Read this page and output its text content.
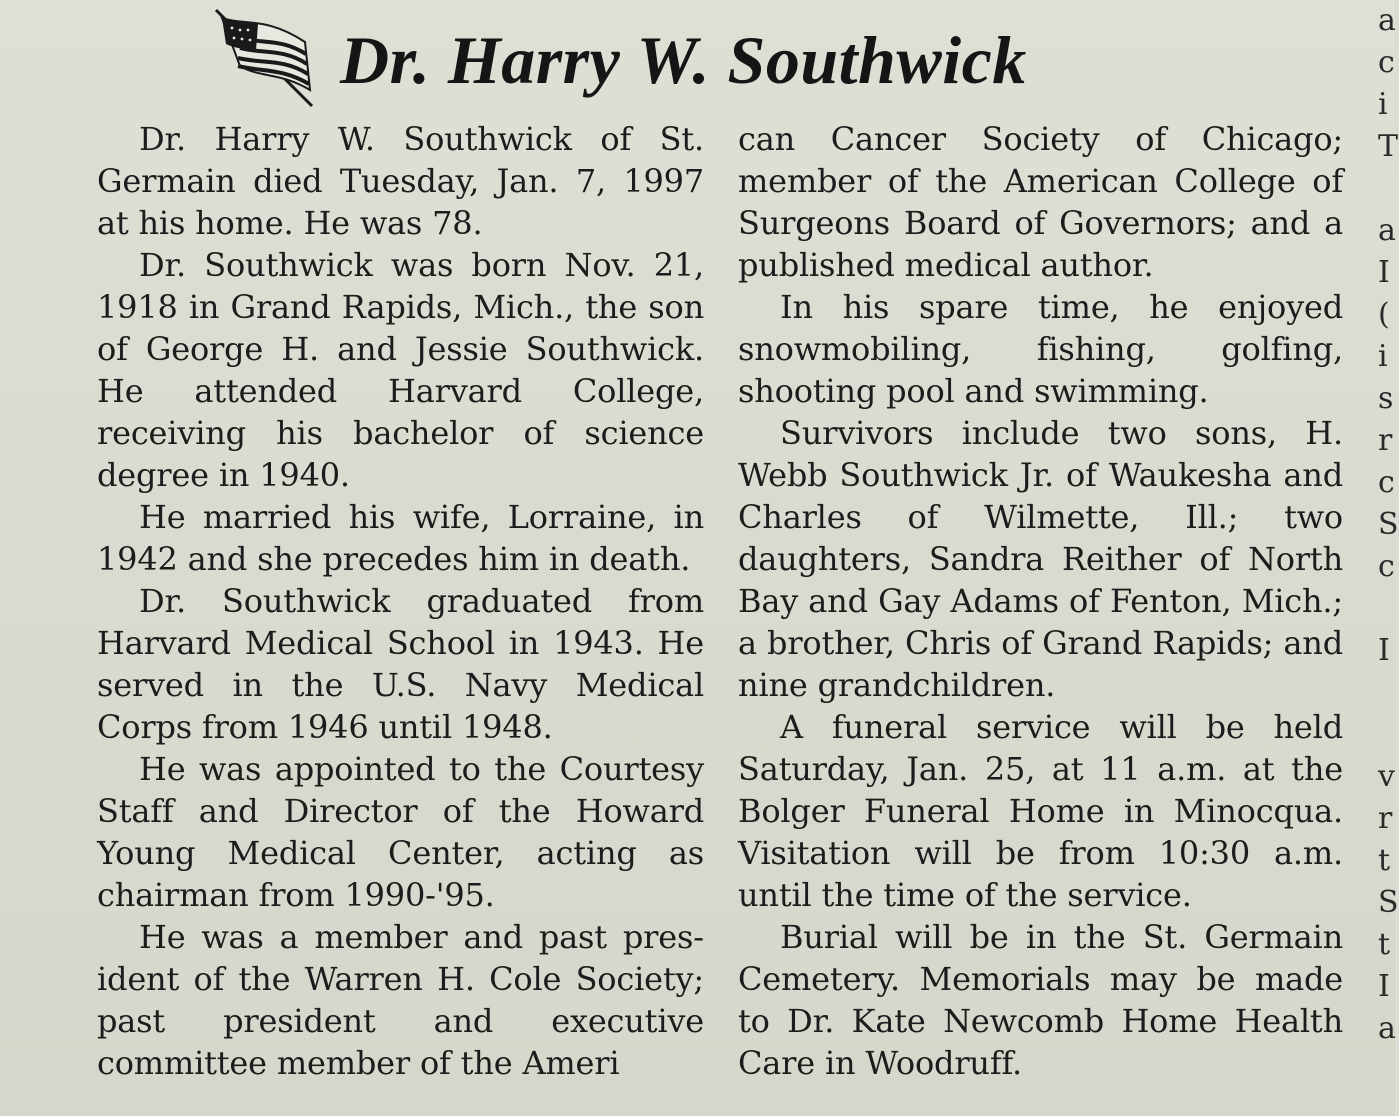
Dr. Harry W. Southwick

Dr. Harry W. Southwick of St. Germain died Tuesday, Jan. 7, 1997 at his home. He was 78.

Dr. Southwick was born Nov. 21, 1918 in Grand Rapids, Mich., the son of George H. and Jessie Southwick. He attended Harvard College, receiving his bachelor of science degree in 1940.

He married his wife, Lorraine, in 1942 and she precedes him in death.

Dr. Southwick graduated from Harvard Medical School in 1943. He served in the U.S. Navy Medical Corps from 1946 until 1948.

He was appointed to the Courtesy Staff and Director of the Howard Young Medical Center, acting as chairman from 1990-'95.

He was a member and past president of the Warren H. Cole Society; past president and executive committee member of the Ameri

can Cancer Society of Chicago; member of the American College of Surgeons Board of Governors; and a published medical author.

In his spare time, he enjoyed snowmobiling, fishing, golfing, shooting pool and swimming.

Survivors include two sons, H. Webb Southwick Jr. of Waukesha and Charles of Wilmette, Ill.; two daughters, Sandra Reither of North Bay and Gay Adams of Fenton, Mich.; a brother, Chris of Grand Rapids; and nine grandchildren.

A funeral service will be held Saturday, Jan. 25, at 11 a.m. at the Bolger Funeral Home in Minocqua. Visitation will be from 10:30 a.m. until the time of the service.

Burial will be in the St. Germain Cemetery. Memorials may be made to Dr. Kate Newcomb Home Health Care in Woodruff.

a
c
i
T
a
I
(
i
s
r
c
S
c
I
v
r
t
S
t
I
a
